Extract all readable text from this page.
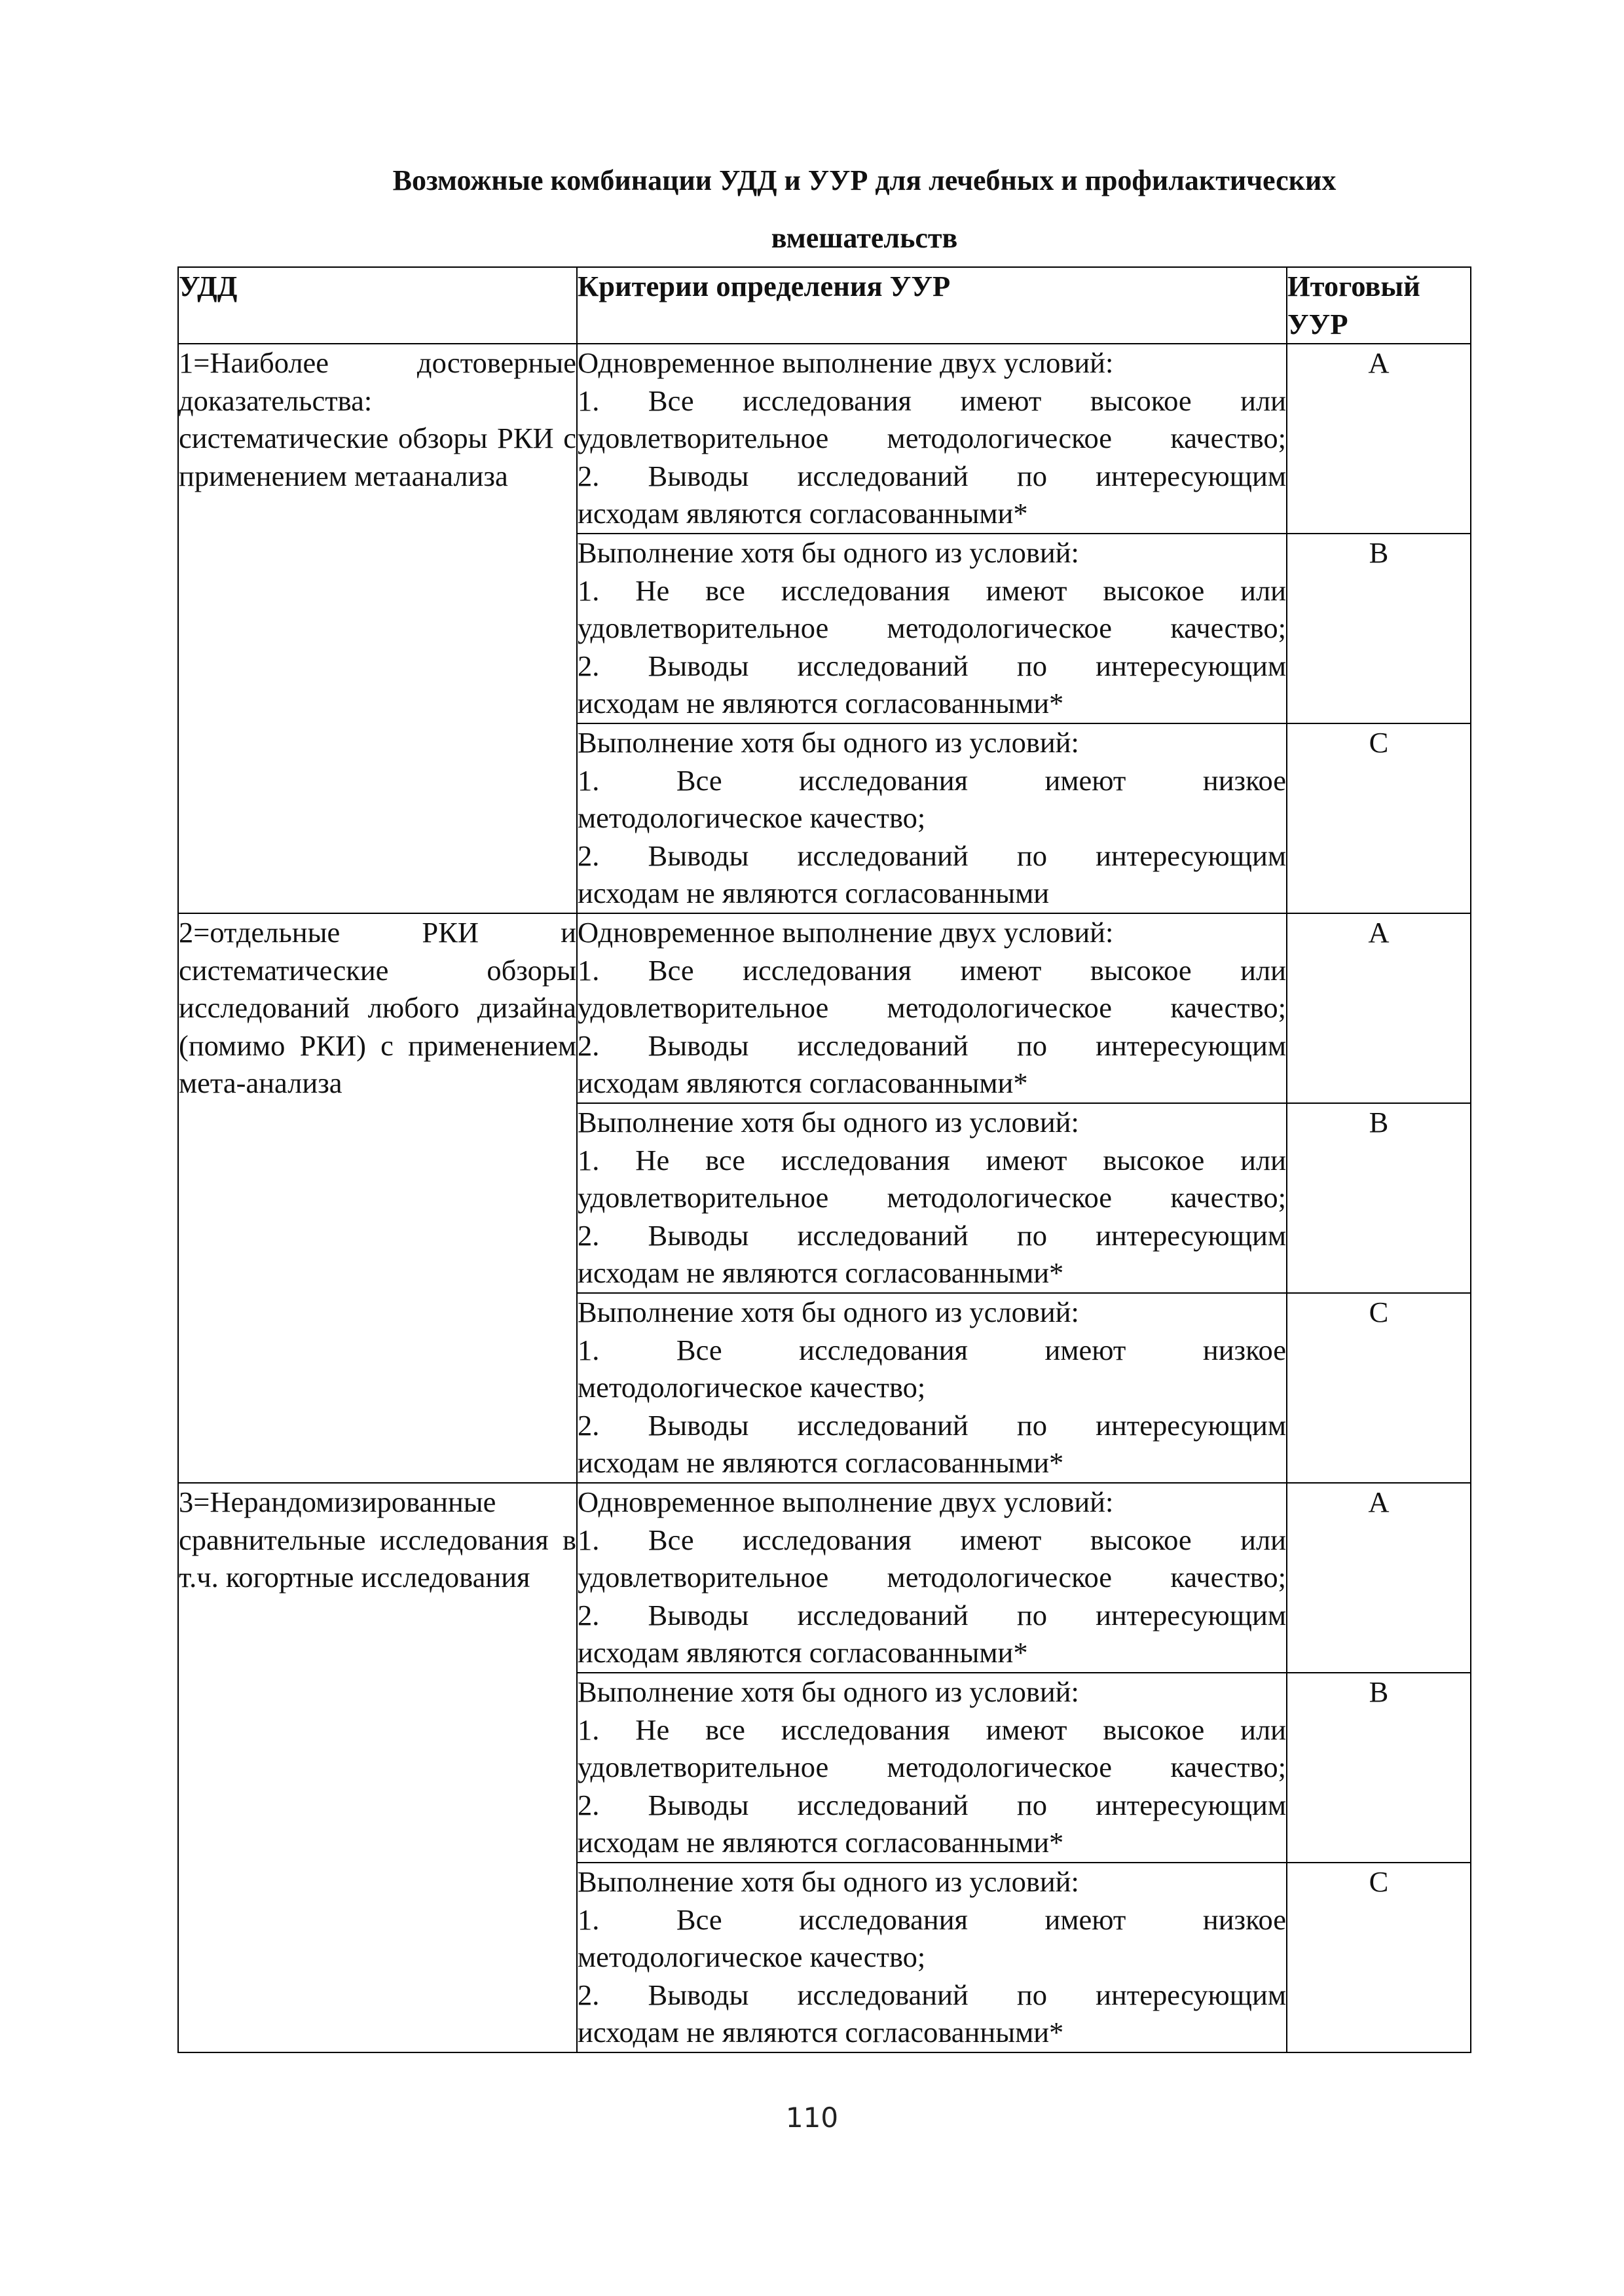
Возможные комбинации УДД и УУР для лечебных и профилактических
вмешательств
УДД	Критерии определения УУР	Итоговый
УУР

1=Наиболее достоверные доказательства: систематические обзоры РКИ с применением метаанализа	Одновременное выполнение двух условий:
1. Все исследования имеют высокое или
удовлетворительное методологическое качество;
2. Выводы исследований по интересующим
исходам являются согласованными*	A

	Выполнение хотя бы одного из условий:
1. Не все исследования имеют высокое или
удовлетворительное методологическое качество;
2. Выводы исследований по интересующим
исходам не являются согласованными*	B

	Выполнение хотя бы одного из условий:
1. Все исследования имеют низкое
методологическое качество;
2. Выводы исследований по интересующим
исходам не являются согласованными	C

2=отдельные РКИ и систематические обзоры исследований любого дизайна (помимо РКИ) с применением мета-анализа	Одновременное выполнение двух условий:
1. Все исследования имеют высокое или
удовлетворительное методологическое качество;
2. Выводы исследований по интересующим
исходам являются согласованными*	A

	Выполнение хотя бы одного из условий:
1. Не все исследования имеют высокое или
удовлетворительное методологическое качество;
2. Выводы исследований по интересующим
исходам не являются согласованными*	B

	Выполнение хотя бы одного из условий:
1. Все исследования имеют низкое
методологическое качество;
2. Выводы исследований по интересующим
исходам не являются согласованными*	C

3=Нерандомизированные сравнительные исследования в т.ч. когортные исследования	Одновременное выполнение двух условий:
1. Все исследования имеют высокое или
удовлетворительное методологическое качество;
2. Выводы исследований по интересующим
исходам являются согласованными*	A

	Выполнение хотя бы одного из условий:
1. Не все исследования имеют высокое или
удовлетворительное методологическое качество;
2. Выводы исследований по интересующим
исходам не являются согласованными*	B

	Выполнение хотя бы одного из условий:
1. Все исследования имеют низкое
методологическое качество;
2. Выводы исследований по интересующим
исходам не являются согласованными*	C
110
